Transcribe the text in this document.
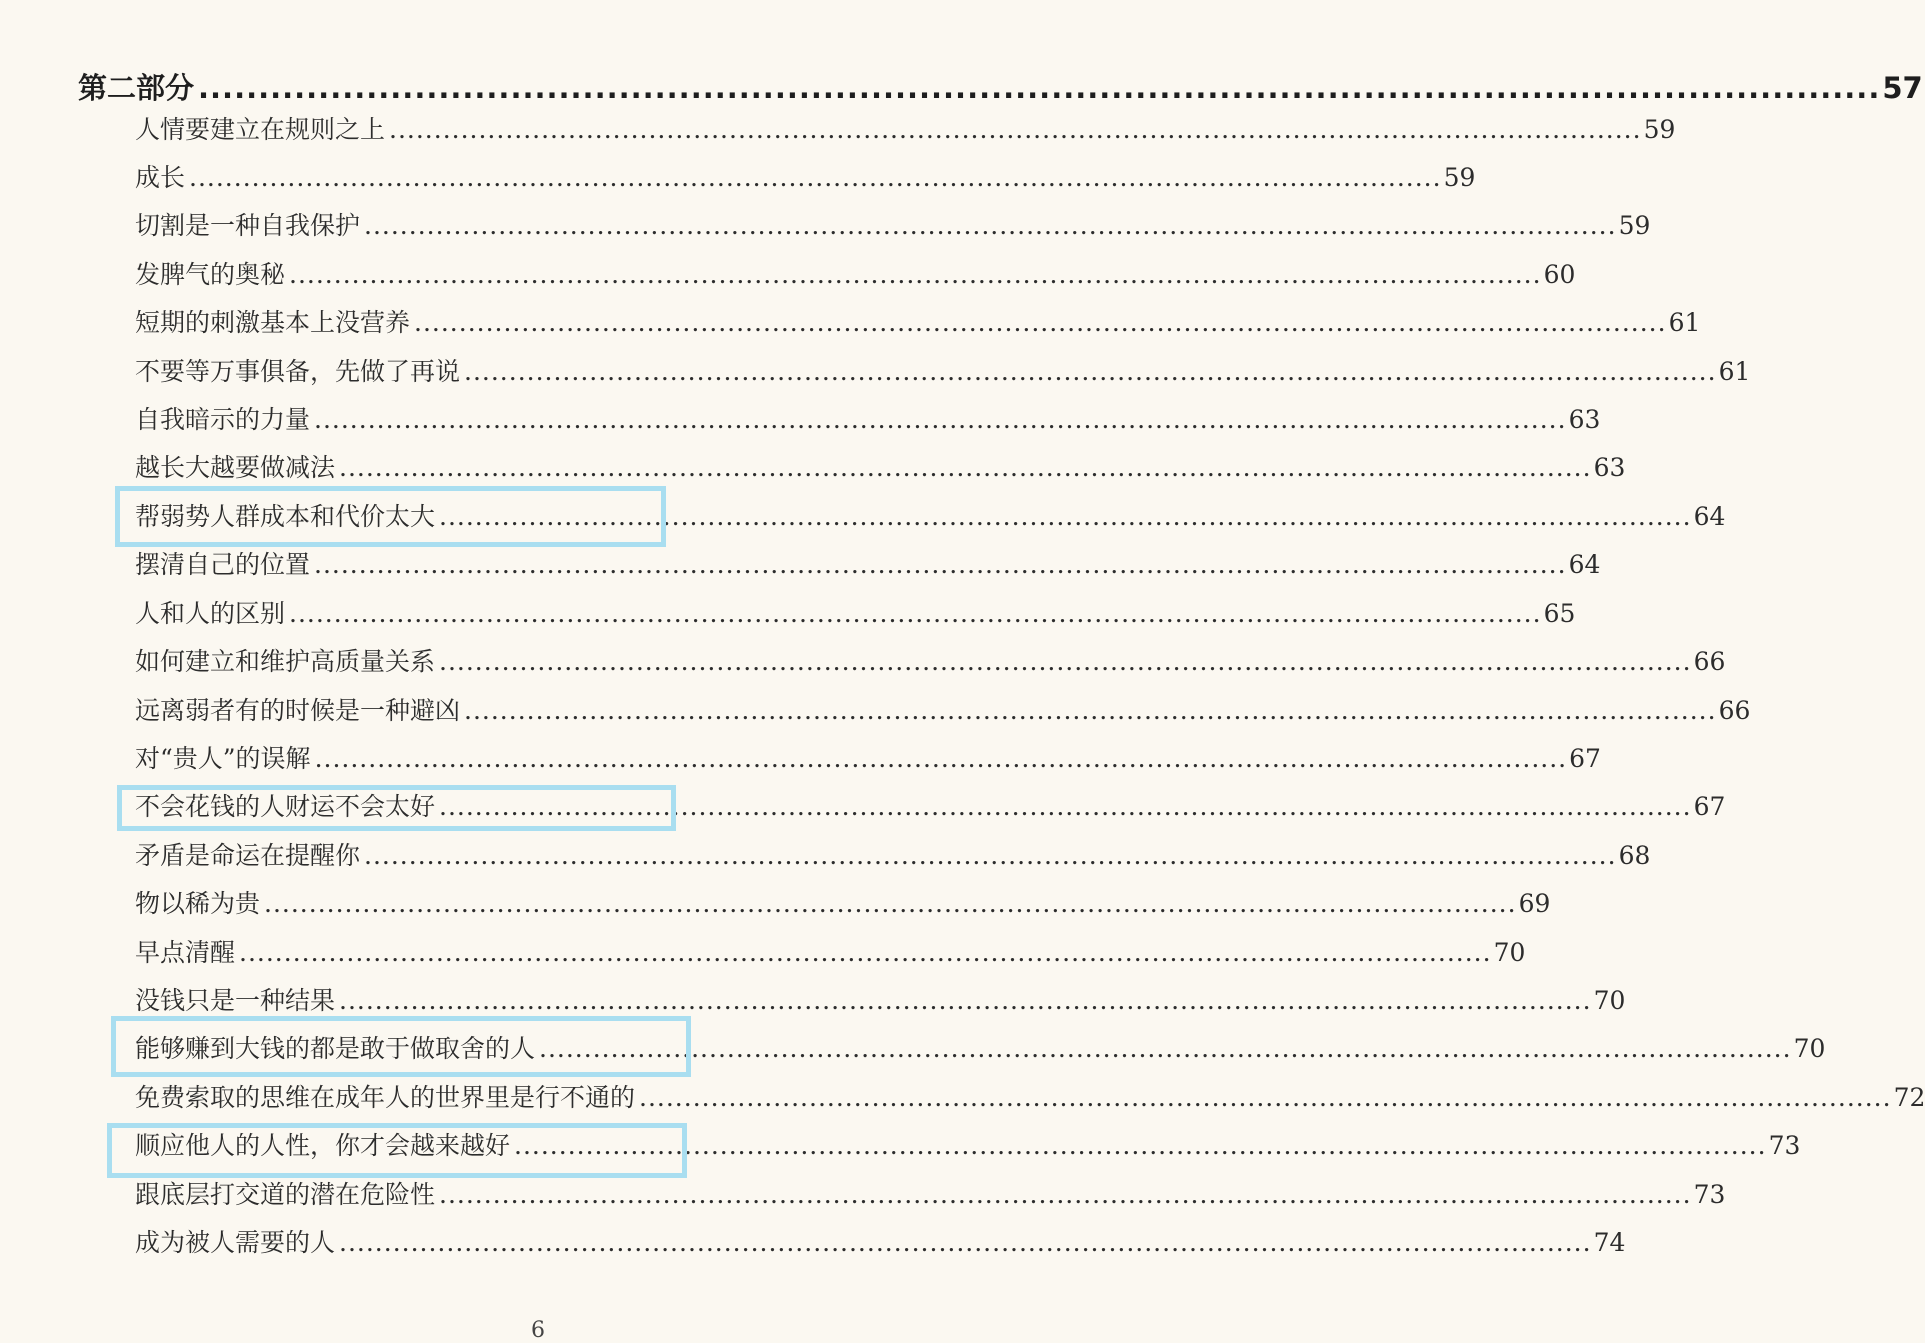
第二部分 ............................................................................................................................................ 57
人情要建立在规则之上 ............................................................................................................................................ 59
成长 ............................................................................................................................................ 59
切割是一种自我保护 ............................................................................................................................................ 59
发脾气的奥秘 ............................................................................................................................................ 60
短期的刺激基本上没营养 ............................................................................................................................................ 61
不要等万事俱备，先做了再说 ............................................................................................................................................ 61
自我暗示的力量 ............................................................................................................................................ 63
越长大越要做减法 ............................................................................................................................................ 63
帮弱势人群成本和代价太大 ............................................................................................................................................ 64
摆清自己的位置 ............................................................................................................................................ 64
人和人的区别 ............................................................................................................................................ 65
如何建立和维护高质量关系 ............................................................................................................................................ 66
远离弱者有的时候是一种避凶 ............................................................................................................................................ 66
对“贵人”的误解 ............................................................................................................................................ 67
不会花钱的人财运不会太好 ............................................................................................................................................ 67
矛盾是命运在提醒你 ............................................................................................................................................ 68
物以稀为贵 ............................................................................................................................................ 69
早点清醒 ............................................................................................................................................ 70
没钱只是一种结果 ............................................................................................................................................ 70
能够赚到大钱的都是敢于做取舍的人 ............................................................................................................................................ 70
免费索取的思维在成年人的世界里是行不通的 ............................................................................................................................................ 72
顺应他人的人性，你才会越来越好 ............................................................................................................................................ 73
跟底层打交道的潜在危险性 ............................................................................................................................................ 73
成为被人需要的人 ............................................................................................................................................ 74
6
